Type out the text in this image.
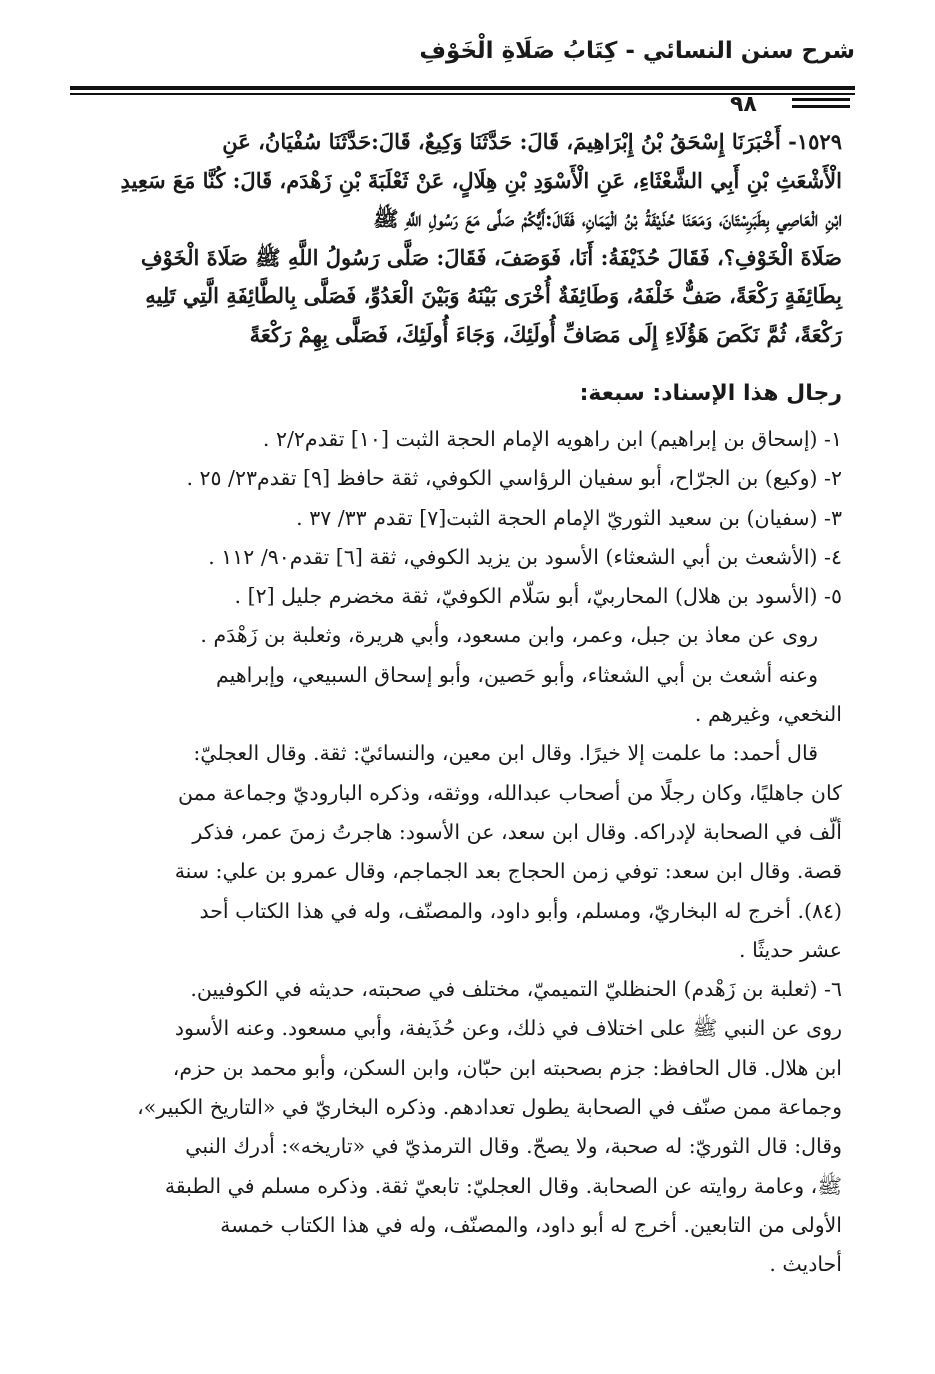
شرح سنن النسائي - كِتَابُ صَلَاةِ الْخَوْفِ
٩٨

١٥٢٩- أَخْبَرَنَا إِسْحَقُ بْنُ إِبْرَاهِيمَ، قَالَ: حَدَّثَنَا وَكِيعٌ، قَالَ:حَدَّثَنَا سُفْيَانُ، عَنِ

الْأَشْعَثِ بْنِ أَبِي الشَّعْثَاءِ، عَنِ الْأَسْوَدِ بْنِ هِلَالٍ، عَنْ ثَعْلَبَةَ بْنِ زَهْدَم، قَالَ: كُنَّا مَعَ سَعِيدِ

ابْنِ الْعَاصِي بِطَبَرِسْتَانَ، وَمَعَنَا حُذَيْفَةُ بْنُ الْيَمَانِ، فَقَالَ:أَيُّكُمْ صَلَّى مَعَ رَسُولِ اللَّهِ ﷺ

صَلَاةَ الْخَوْفِ؟، فَقَالَ حُذَيْفَةُ: أَنَا، فَوَصَفَ، فَقَالَ: صَلَّى رَسُولُ اللَّهِ ﷺ صَلَاةَ الْخَوْفِ

بِطَائِفَةٍ رَكْعَةً، صَفٌّ خَلْفَهُ، وَطَائِفَةٌ أُخْرَى بَيْنَهُ وَبَيْنَ الْعَدُوِّ، فَصَلَّى بِالطَّائِفَةِ الَّتِي تَلِيهِ

رَكْعَةً، ثُمَّ نَكَصَ هَؤُلَاءِ إِلَى مَصَافِّ أُولَئِكَ، وَجَاءَ أُولَئِكَ، فَصَلَّى بِهِمْ رَكْعَةً

رجال هذا الإسناد: سبعة:

١- (إسحاق بن إبراهيم) ابن راهويه الإمام الحجة الثبت [١٠] تقدم٢/٢ .

٢- (وكيع) بن الجرّاح، أبو سفيان الرؤاسي الكوفي، ثقة حافظ [٩] تقدم٢٣/ ٢٥ .

٣- (سفيان) بن سعيد الثوريّ الإمام الحجة الثبت[٧] تقدم ٣٣/ ٣٧ .

٤- (الأشعث بن أبي الشعثاء) الأسود بن يزيد الكوفي، ثقة [٦] تقدم٩٠/ ١١٢ .

٥- (الأسود بن هلال) المحاربيّ، أبو سَلّام الكوفيّ، ثقة مخضرم جليل [٢] .

روى عن معاذ بن جبل، وعمر، وابن مسعود، وأبي هريرة، وثعلبة بن زَهْدَم .

وعنه أشعث بن أبي الشعثاء، وأبو حَصين، وأبو إسحاق السبيعي، وإبراهيم

النخعي، وغيرهم .

قال أحمد: ما علمت إلا خيرًا. وقال ابن معين، والنسائيّ: ثقة. وقال العجليّ:

كان جاهليًا، وكان رجلًا من أصحاب عبدالله، ووثقه، وذكره الباروديّ وجماعة ممن

ألّف في الصحابة لإدراكه. وقال ابن سعد، عن الأسود: هاجرتُ زمنَ عمر، فذكر

قصة. وقال ابن سعد: توفي زمن الحجاج بعد الجماجم، وقال عمرو بن علي: سنة

(٨٤). أخرج له البخاريّ، ومسلم، وأبو داود، والمصنّف، وله في هذا الكتاب أحد

عشر حديثًا .

٦- (ثعلبة بن زَهْدم) الحنظليّ التميميّ، مختلف في صحبته، حديثه في الكوفيين.

روى عن النبي ﷺ على اختلاف في ذلك، وعن حُذَيفة، وأبي مسعود. وعنه الأسود

ابن هلال. قال الحافظ: جزم بصحبته ابن حبّان، وابن السكن، وأبو محمد بن حزم،

وجماعة ممن صنّف في الصحابة يطول تعدادهم. وذكره البخاريّ في «التاريخ الكبير»،

وقال: قال الثوريّ: له صحبة، ولا يصحّ. وقال الترمذيّ في «تاريخه»: أدرك النبي

ﷺ، وعامة روايته عن الصحابة. وقال العجليّ: تابعيّ ثقة. وذكره مسلم في الطبقة

الأولى من التابعين. أخرج له أبو داود، والمصنّف، وله في هذا الكتاب خمسة

أحاديث .
